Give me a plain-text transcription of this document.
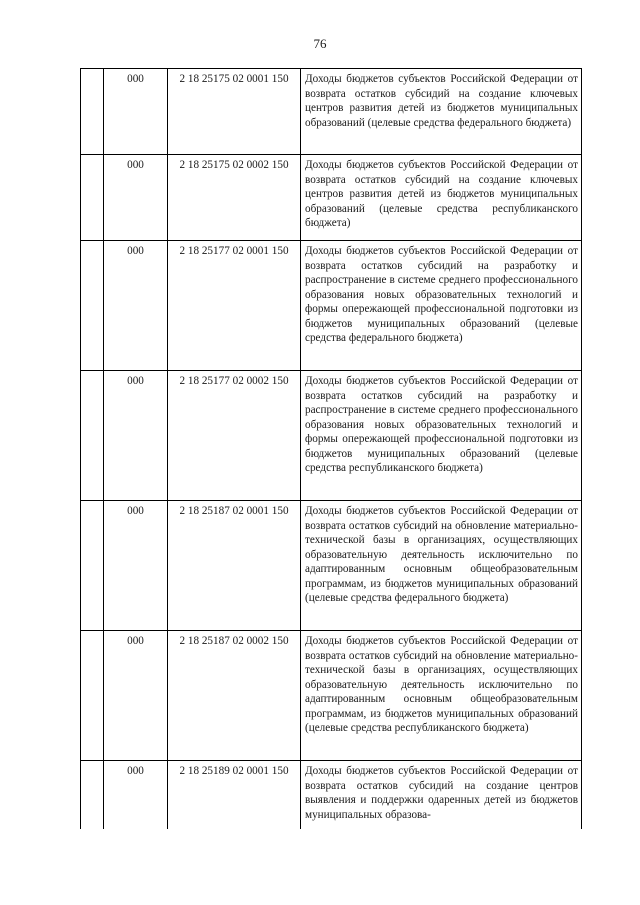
76
	000	2 18 25175 02 0001 150	Доходы бюджетов субъектов Российской Федерации от возврата остатков субсидий на создание ключевых центров развития детей из бюджетов муниципальных образований (целевые средства федерального бюджета)
	000	2 18 25175 02 0002 150	Доходы бюджетов субъектов Российской Федерации от возврата остатков субсидий на создание ключевых центров развития детей из бюджетов муниципальных образований (целевые средства республиканского бюджета)
	000	2 18 25177 02 0001 150	Доходы бюджетов субъектов Российской Федерации от возврата остатков субсидий на разработку и распространение в системе среднего профессионального образования новых образовательных технологий и формы опережающей профессиональной подготовки из бюджетов муниципальных образований (целевые средства федерального бюджета)
	000	2 18 25177 02 0002 150	Доходы бюджетов субъектов Российской Федерации от возврата остатков субсидий на разработку и распространение в системе среднего профессионального образования новых образовательных технологий и формы опережающей профессиональной подготовки из бюджетов муниципальных образований (целевые средства республиканского бюджета)
	000	2 18 25187 02 0001 150	Доходы бюджетов субъектов Российской Федерации от возврата остатков субсидий на обновление материально-технической базы в организациях, осуществляющих образовательную деятельность исключительно по адаптированным основным общеобразовательным программам, из бюджетов муниципальных образований (целевые средства федерального бюджета)
	000	2 18 25187 02 0002 150	Доходы бюджетов субъектов Российской Федерации от возврата остатков субсидий на обновление материально-технической базы в организациях, осуществляющих образовательную деятельность исключительно по адаптированным основным общеобразовательным программам, из бюджетов муниципальных образований (целевые средства республиканского бюджета)
	000	2 18 25189 02 0001 150	Доходы бюджетов субъектов Российской Федерации от возврата остатков субсидий на создание центров выявления и поддержки одаренных детей из бюджетов муниципальных образова-
